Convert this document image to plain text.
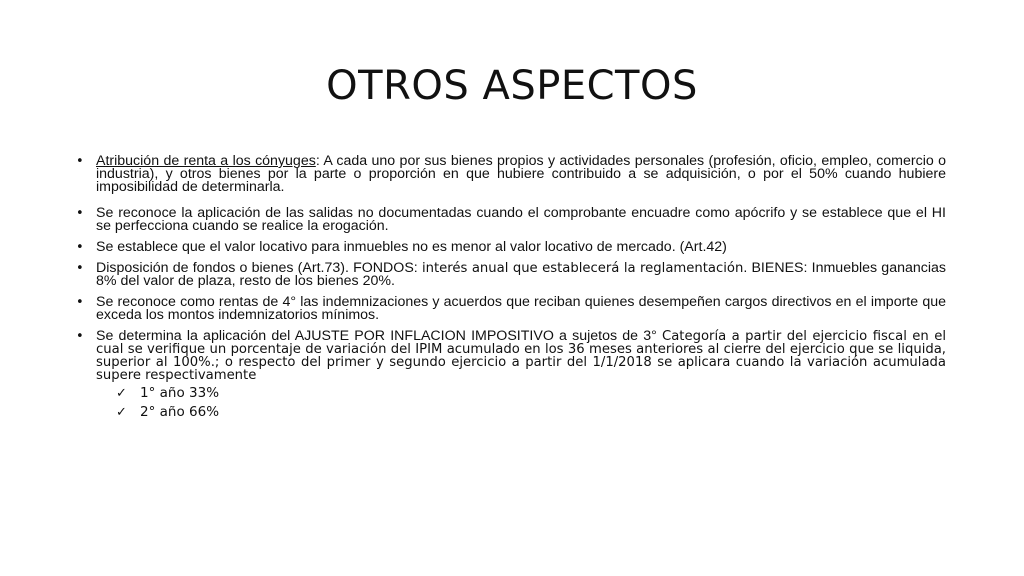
OTROS ASPECTOS
• Atribución de renta a los cónyuges: A cada uno por sus bienes propios y actividades personales (profesión, oficio, empleo, comercio o industria), y otros bienes por la parte o proporción en que hubiere contribuido a se adquisición, o por el 50% cuando hubiere imposibilidad de determinarla.
• Se reconoce la aplicación de las salidas no documentadas cuando el comprobante encuadre como apócrifo y se establece que el HI se perfecciona cuando se realice la erogación.
• Se establece que el valor locativo para inmuebles no es menor al valor locativo de mercado. (Art.42)
• Disposición de fondos o bienes (Art.73). FONDOS: interés anual que establecerá la reglamentación. BIENES: Inmuebles ganancias 8% del valor de plaza, resto de los bienes 20%.
• Se reconoce como rentas de 4° las indemnizaciones y acuerdos que reciban quienes desempeñen cargos directivos en el importe que exceda los montos indemnizatorios mínimos.
• Se determina la aplicación del AJUSTE POR INFLACION IMPOSITIVO a sujetos de 3° Categoría a partir del ejercicio fiscal en el cual se verifique un porcentaje de variación del IPIM acumulado en los 36 meses anteriores al cierre del ejercicio que se liquida, superior al 100%.; o respecto del primer y segundo ejercicio a partir del 1/1/2018 se aplicara cuando la variación acumulada supere respectivamente
✓ 1° año 33%
✓ 2° año 66%
